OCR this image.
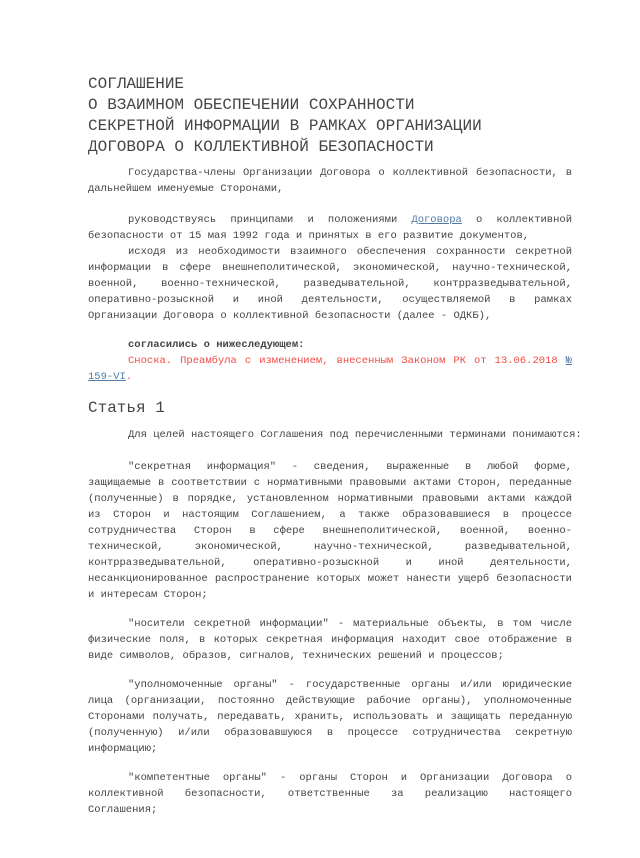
СОГЛАШЕНИЕ
О ВЗАИМНОМ ОБЕСПЕЧЕНИИ СОХРАННОСТИ
СЕКРЕТНОЙ ИНФОРМАЦИИ В РАМКАХ ОРГАНИЗАЦИИ
ДОГОВОРА О КОЛЛЕКТИВНОЙ БЕЗОПАСНОСТИ

Государства-члены Организации Договора о коллективной безопасности, в дальнейшем именуемые Сторонами,

руководствуясь принципами и положениями Договора о коллективной безопасности от 15 мая 1992 года и принятых в его развитие документов,

исходя из необходимости взаимного обеспечения сохранности секретной информации в сфере внешнеполитической, экономической, научно-технической, военной, военно-технической, разведывательной, контрразведывательной, оперативно-розыскной и иной деятельности, осуществляемой в рамках Организации Договора о коллективной безопасности (далее - ОДКБ),

согласились о нижеследующем:

Сноска. Преамбула с изменением, внесенным Законом РК от 13.06.2018 № 159-VI.

Статья 1

Для целей настоящего Соглашения под перечисленными терминами понимаются:

"секретная информация" - сведения, выраженные в любой форме, защищаемые в соответствии с нормативными правовыми актами Сторон, переданные (полученные) в порядке, установленном нормативными правовыми актами каждой из Сторон и настоящим Соглашением, а также образовавшиеся в процессе сотрудничества Сторон в сфере внешнеполитической, военной, военно-технической, экономической, научно-технической, разведывательной, контрразведывательной, оперативно-розыскной и иной деятельности, несанкционированное распространение которых может нанести ущерб безопасности и интересам Сторон;

"носители секретной информации" - материальные объекты, в том числе физические поля, в которых секретная информация находит свое отображение в виде символов, образов, сигналов, технических решений и процессов;

"уполномоченные органы" - государственные органы и/или юридические лица (организации, постоянно действующие рабочие органы), уполномоченные Сторонами получать, передавать, хранить, использовать и защищать переданную (полученную) и/или образовавшуюся в процессе сотрудничества секретную информацию;

"компетентные органы" - органы Сторон и Организации Договора о коллективной безопасности, ответственные за реализацию настоящего Соглашения;
